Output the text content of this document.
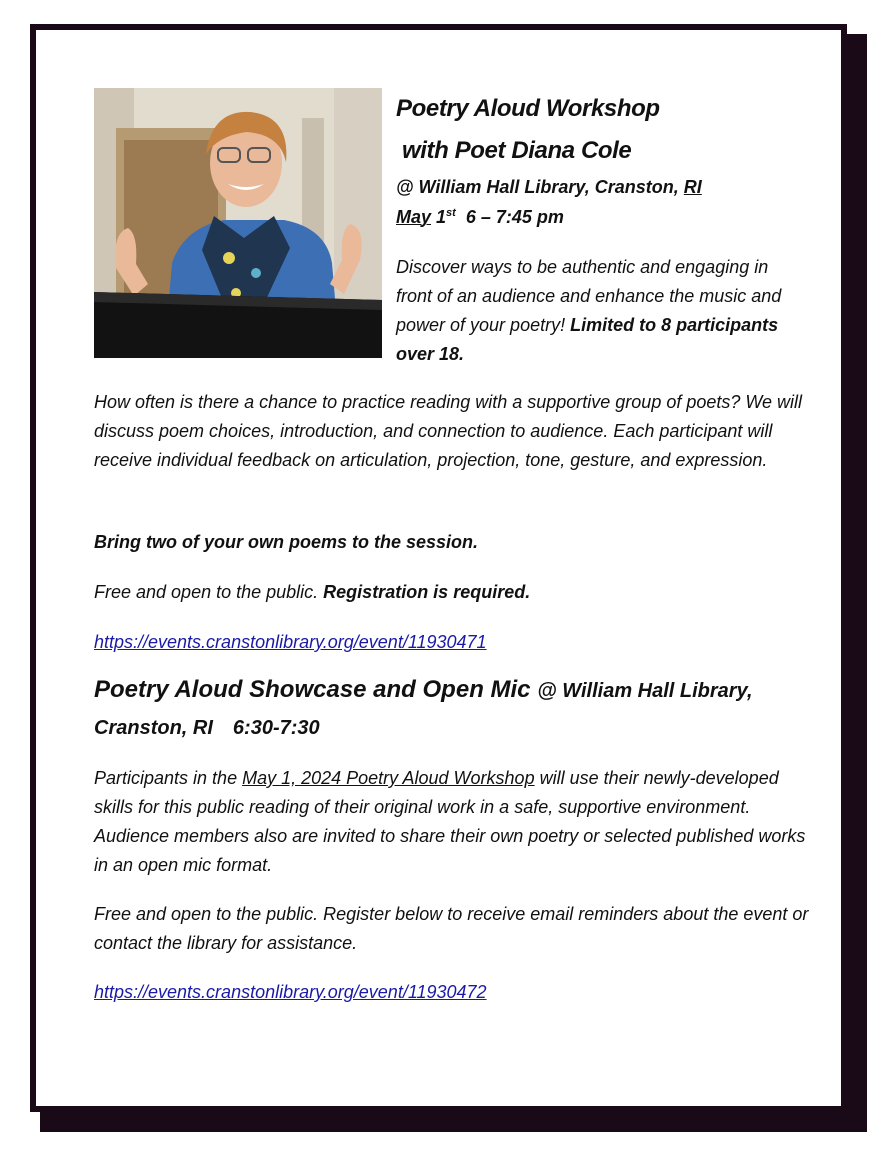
Poetry Aloud Workshop
with Poet Diana Cole

@ William Hall Library, Cranston, RI
May 1st 6 – 7:45 pm

Discover ways to be authentic and engaging in front of an audience and enhance the music and power of your poetry! Limited to 8 participants over 18.

How often is there a chance to practice reading with a supportive group of poets? We will discuss poem choices, introduction, and connection to audience. Each participant will receive individual feedback on articulation, projection, tone, gesture, and expression.

Bring two of your own poems to the session.

Free and open to the public. Registration is required.

https://events.cranstonlibrary.org/event/11930471

Poetry Aloud Showcase and Open Mic @ William Hall Library, Cranston, RI 6:30-7:30

Participants in the May 1, 2024 Poetry Aloud Workshop will use their newly-developed skills for this public reading of their original work in a safe, supportive environment. Audience members also are invited to share their own poetry or selected published works in an open mic format.

Free and open to the public. Register below to receive email reminders about the event or contact the library for assistance.

https://events.cranstonlibrary.org/event/11930472
